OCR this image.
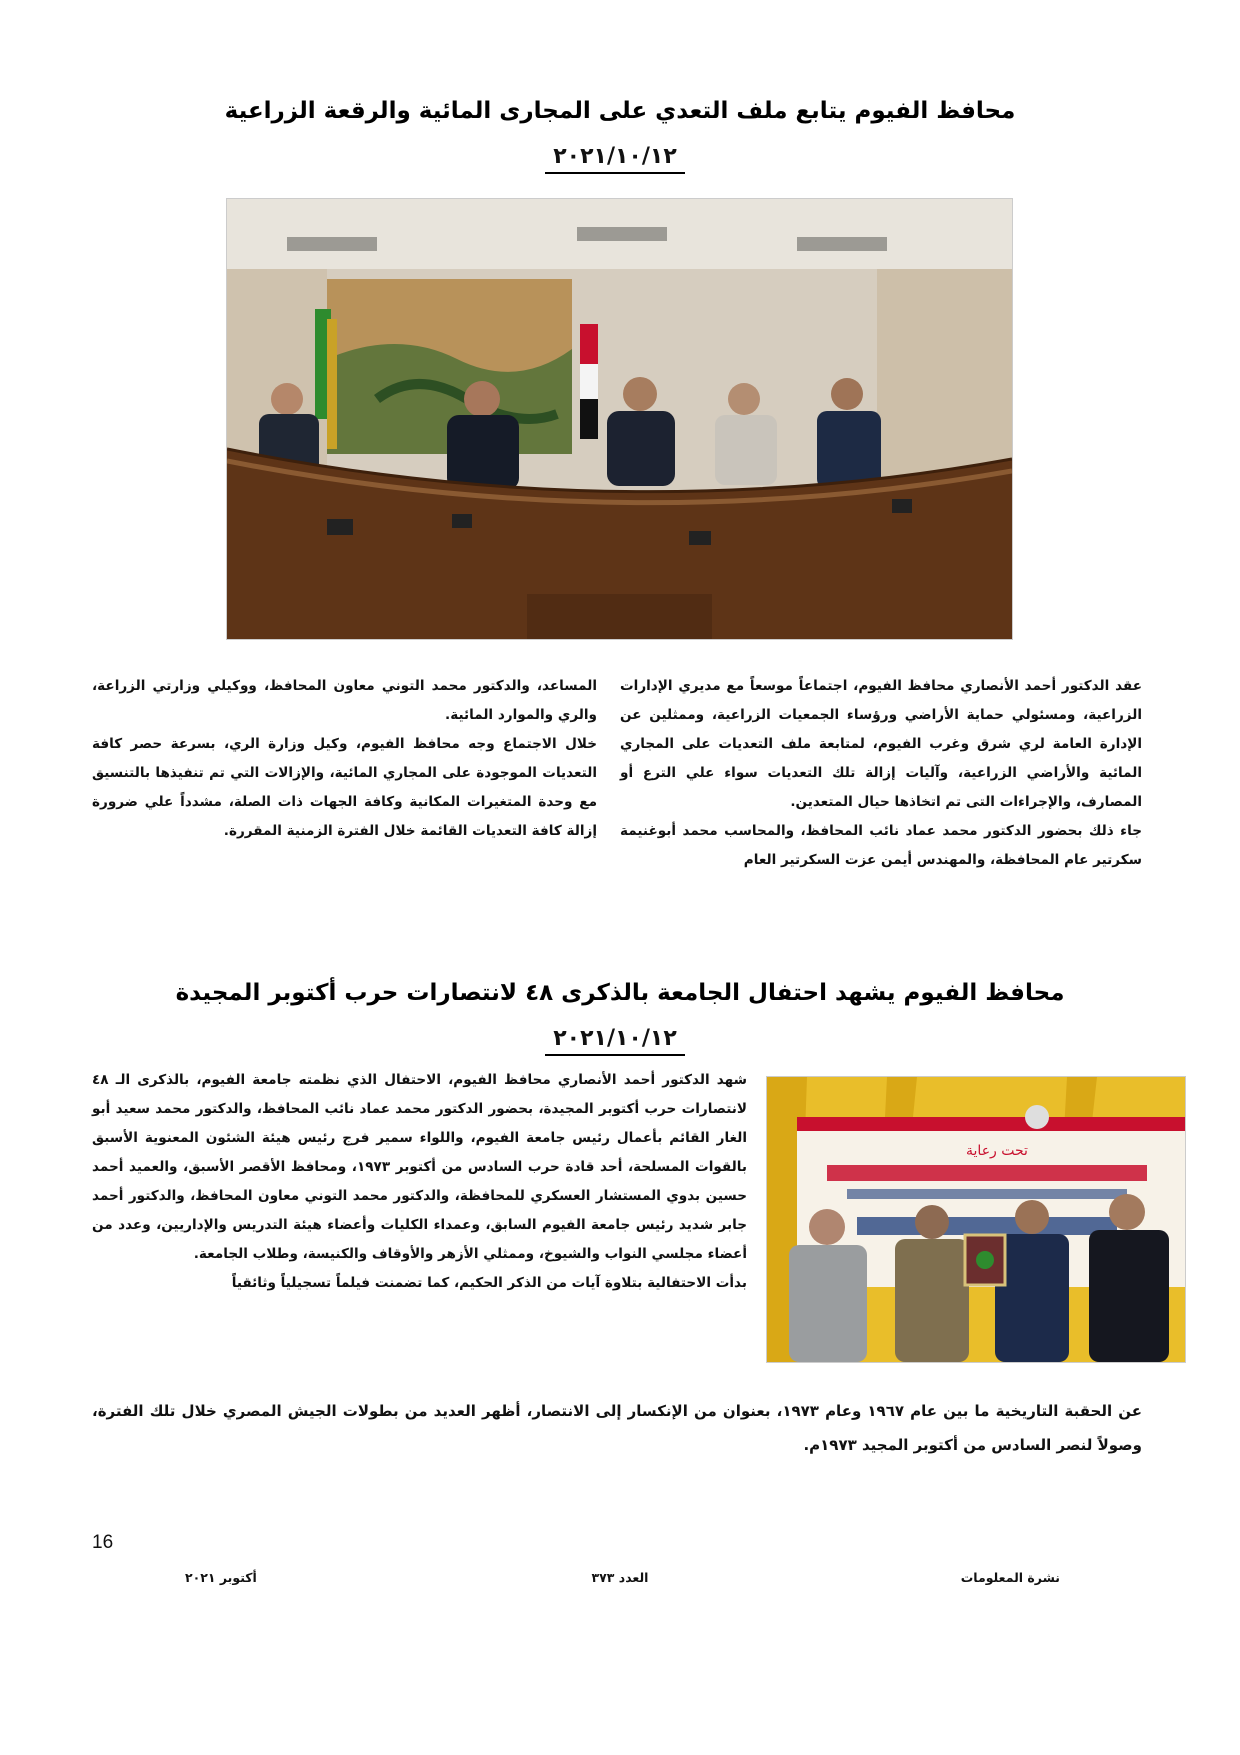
محافظ الفيوم يتابع ملف التعدي على المجارى المائية والرقعة الزراعية
٢٠٢١/١٠/١٢

عقد الدكتور أحمد الأنصاري محافظ الفيوم، اجتماعاً موسعاً مع مديري الإدارات الزراعية، ومسئولي حماية الأراضي ورؤساء الجمعيات الزراعية، وممثلين عن الإدارة العامة لري شرق وغرب الفيوم، لمتابعة ملف التعديات على المجاري المائية والأراضي الزراعية، وآليات إزالة تلك التعديات سواء علي الترع أو المصارف، والإجراءات التى تم اتخاذها حيال المتعدين.

جاء ذلك بحضور الدكتور محمد عماد نائب المحافظ، والمحاسب محمد أبوغنيمة سكرتير عام المحافظة، والمهندس أيمن عزت السكرتير العام

المساعد، والدكتور محمد التوني معاون المحافظ، ووكيلي وزارتي الزراعة، والري والموارد المائية.

خلال الاجتماع وجه محافظ الفيوم، وكيل وزارة الري، بسرعة حصر كافة التعديات الموجودة على المجاري المائية، والإزالات التي تم تنفيذها بالتنسيق مع وحدة المتغيرات المكانية وكافة الجهات ذات الصلة، مشدداً علي ضرورة إزالة كافة التعديات القائمة خلال الفترة الزمنية المقررة.

محافظ الفيوم يشهد احتفال الجامعة بالذكرى ٤٨ لانتصارات حرب أكتوبر المجيدة
٢٠٢١/١٠/١٢
تحت رعاية

شهد الدكتور أحمد الأنصاري محافظ الفيوم، الاحتفال الذي نظمته جامعة الفيوم، بالذكرى الـ ٤٨ لانتصارات حرب أكتوبر المجيدة، بحضور الدكتور محمد عماد نائب المحافظ، والدكتور محمد سعيد أبو الغار القائم بأعمال رئيس جامعة الفيوم، واللواء سمير فرج رئيس هيئة الشئون المعنوية الأسبق بالقوات المسلحة، أحد قادة حرب السادس من أكتوبر ١٩٧٣، ومحافظ الأقصر الأسبق، والعميد أحمد حسين بدوي المستشار العسكري للمحافظة، والدكتور محمد التوني معاون المحافظ، والدكتور أحمد جابر شديد رئيس جامعة الفيوم السابق، وعمداء الكليات وأعضاء هيئة التدريس والإداريين، وعدد من أعضاء مجلسي النواب والشيوخ، وممثلي الأزهر والأوقاف والكنيسة، وطلاب الجامعة.

بدأت الاحتفالية بتلاوة آيات من الذكر الحكيم، كما تضمنت فيلماً تسجيلياً وثائقياً

عن الحقبة التاريخية ما بين عام ١٩٦٧ وعام ١٩٧٣، بعنوان من الإنكسار إلى الانتصار، أظهر العديد من بطولات الجيش المصري خلال تلك الفترة، وصولاً لنصر السادس من أكتوبر المجيد ١٩٧٣م.

16
نشرة المعلومات
العدد ٣٧٣
أكتوبر ٢٠٢١
